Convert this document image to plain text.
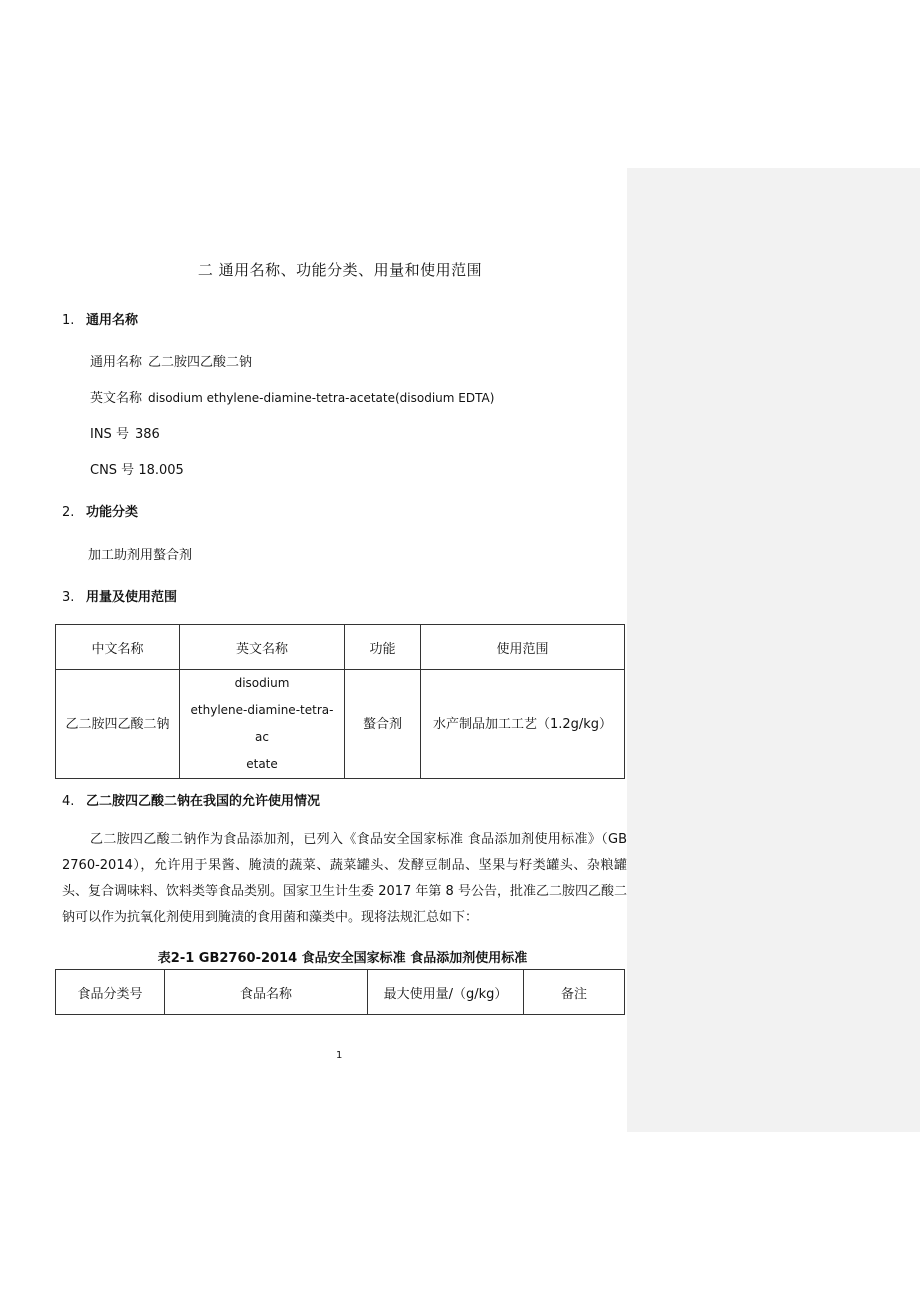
二 通用名称、功能分类、用量和使用范围
1. 通用名称
通用名称 乙二胺四乙酸二钠
英文名称 disodium ethylene-diamine-tetra-acetate(disodium EDTA)
INS 号 386
CNS 号 18.005
2. 功能分类
加工助剂用螯合剂
3. 用量及使用范围
中文名称	英文名称	功能	使用范围
乙二胺四乙酸二钠	disodium
ethylene-diamine-tetra-ac
etate	螯合剂	水产制品加工工艺（1.2g/kg）
4. 乙二胺四乙酸二钠在我国的允许使用情况
乙二胺四乙酸二钠作为食品添加剂，已列入《食品安全国家标准 食品添加剂使用标准》（GB 2760-2014），允许用于果酱、腌渍的蔬菜、蔬菜罐头、发酵豆制品、坚果与籽类罐头、杂粮罐头、复合调味料、饮料类等食品类别。国家卫生计生委 2017 年第 8 号公告，批准乙二胺四乙酸二钠可以作为抗氧化剂使用到腌渍的食用菌和藻类中。现将法规汇总如下：
表2-1 GB2760-2014 食品安全国家标准 食品添加剂使用标准
食品分类号	食品名称	最大使用量/（g/kg）	备注
1
